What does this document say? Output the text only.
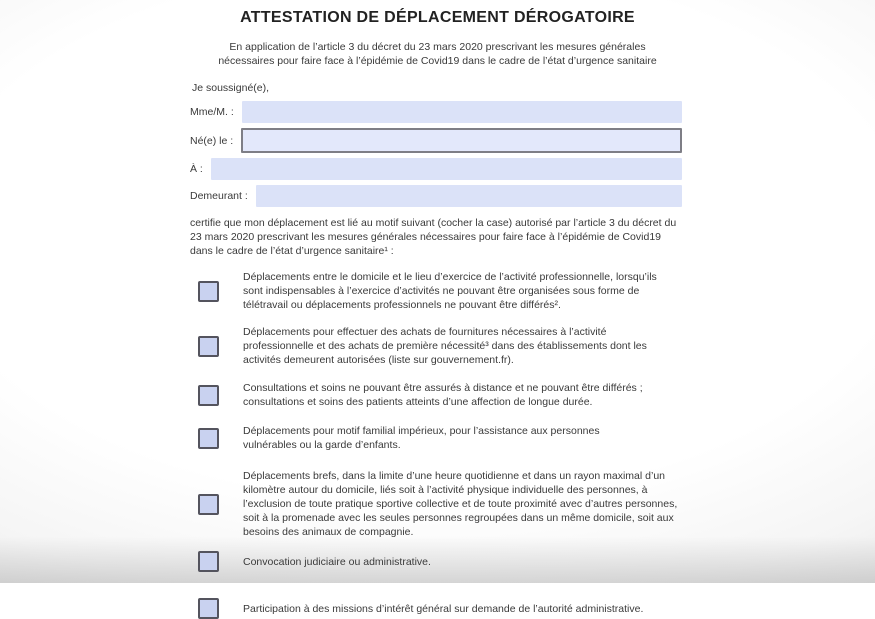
ATTESTATION DE DÉPLACEMENT DÉROGATOIRE

En application de l’article 3 du décret du 23 mars 2020 prescrivant les mesures générales nécessaires pour faire face à l’épidémie de Covid19 dans le cadre de l’état d’urgence sanitaire

Je soussigné(e),

Mme/M. :
Né(e) le :
À :
Demeurant :

certifie que mon déplacement est lié au motif suivant (cocher la case) autorisé par l’article 3 du décret du 23 mars 2020 prescrivant les mesures générales nécessaires pour faire face à l’épidémie de Covid19 dans le cadre de l’état d’urgence sanitaire¹ :

Déplacements entre le domicile et le lieu d’exercice de l’activité professionnelle, lorsqu’ils sont indispensables à l’exercice d’activités ne pouvant être organisées sous forme de télétravail ou déplacements professionnels ne pouvant être différés².
Déplacements pour effectuer des achats de fournitures nécessaires à l’activité professionnelle et des achats de première nécessité³ dans des établissements dont les activités demeurent autorisées (liste sur gouvernement.fr).
Consultations et soins ne pouvant être assurés à distance et ne pouvant être différés ; consultations et soins des patients atteints d’une affection de longue durée.
Déplacements pour motif familial impérieux, pour l’assistance aux personnes vulnérables ou la garde d’enfants.
Déplacements brefs, dans la limite d’une heure quotidienne et dans un rayon maximal d’un kilomètre autour du domicile, liés soit à l’activité physique individuelle des personnes, à l’exclusion de toute pratique sportive collective et de toute proximité avec d’autres personnes, soit à la promenade avec les seules personnes regroupées dans un même domicile, soit aux besoins des animaux de compagnie.
Convocation judiciaire ou administrative.
Participation à des missions d’intérêt général sur demande de l’autorité administrative.
